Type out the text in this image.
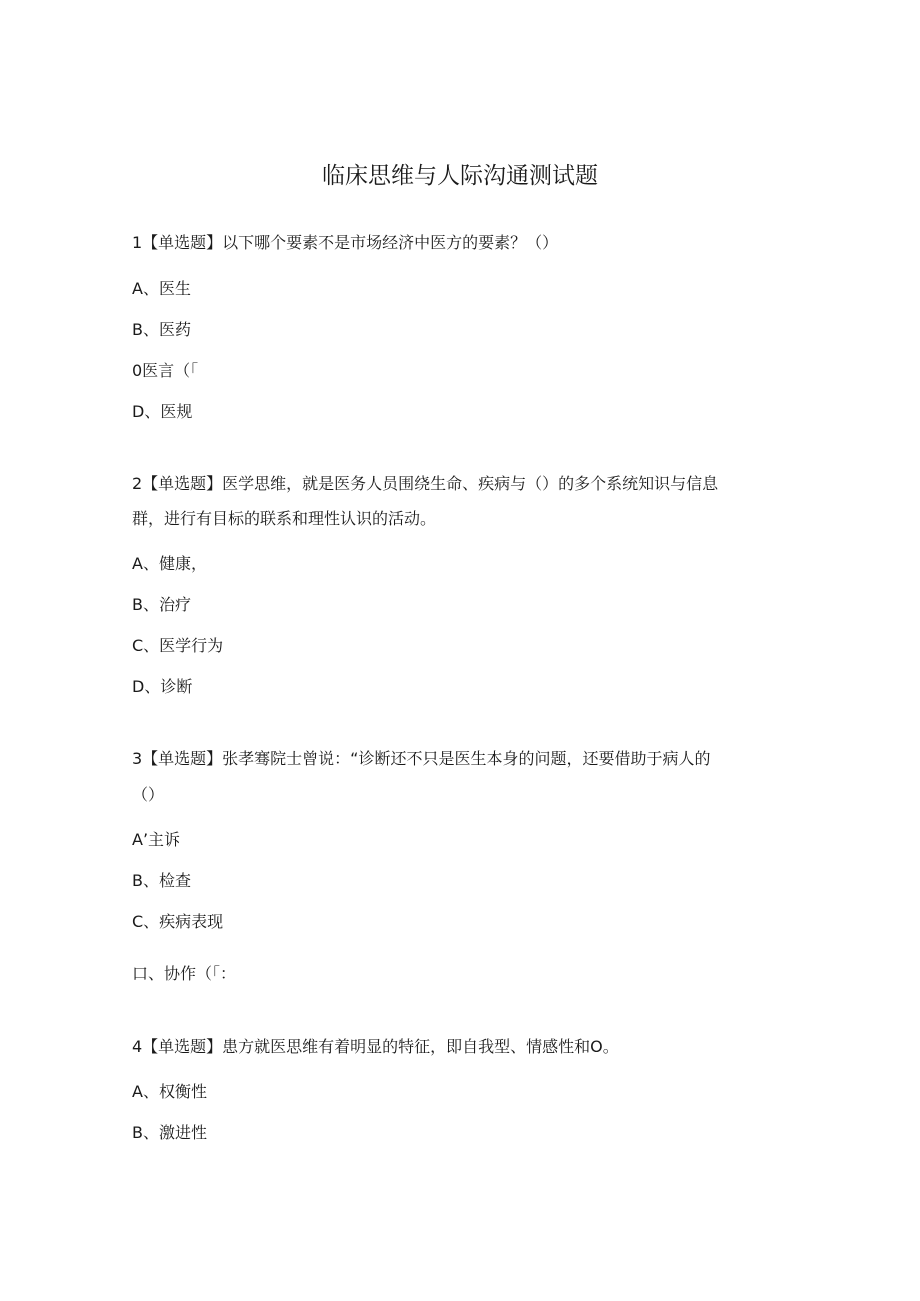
临床思维与人际沟通测试题
1【单选题】以下哪个要素不是市场经济中医方的要素？（）
A、医生
B、医药
0医言（「
D、医规
2【单选题】医学思维，就是医务人员围绕生命、疾病与（）的多个系统知识与信息
群，进行有目标的联系和理性认识的活动。
A、健康，
B、治疗
C、医学行为
D、诊断
3【单选题】张孝骞院士曾说：“诊断还不只是医生本身的问题，还要借助于病人的
（）
A’主诉
B、检查
C、疾病表现
口、协作（「：
4【单选题】患方就医思维有着明显的特征，即自我型、情感性和O。
A、权衡性
B、激进性
